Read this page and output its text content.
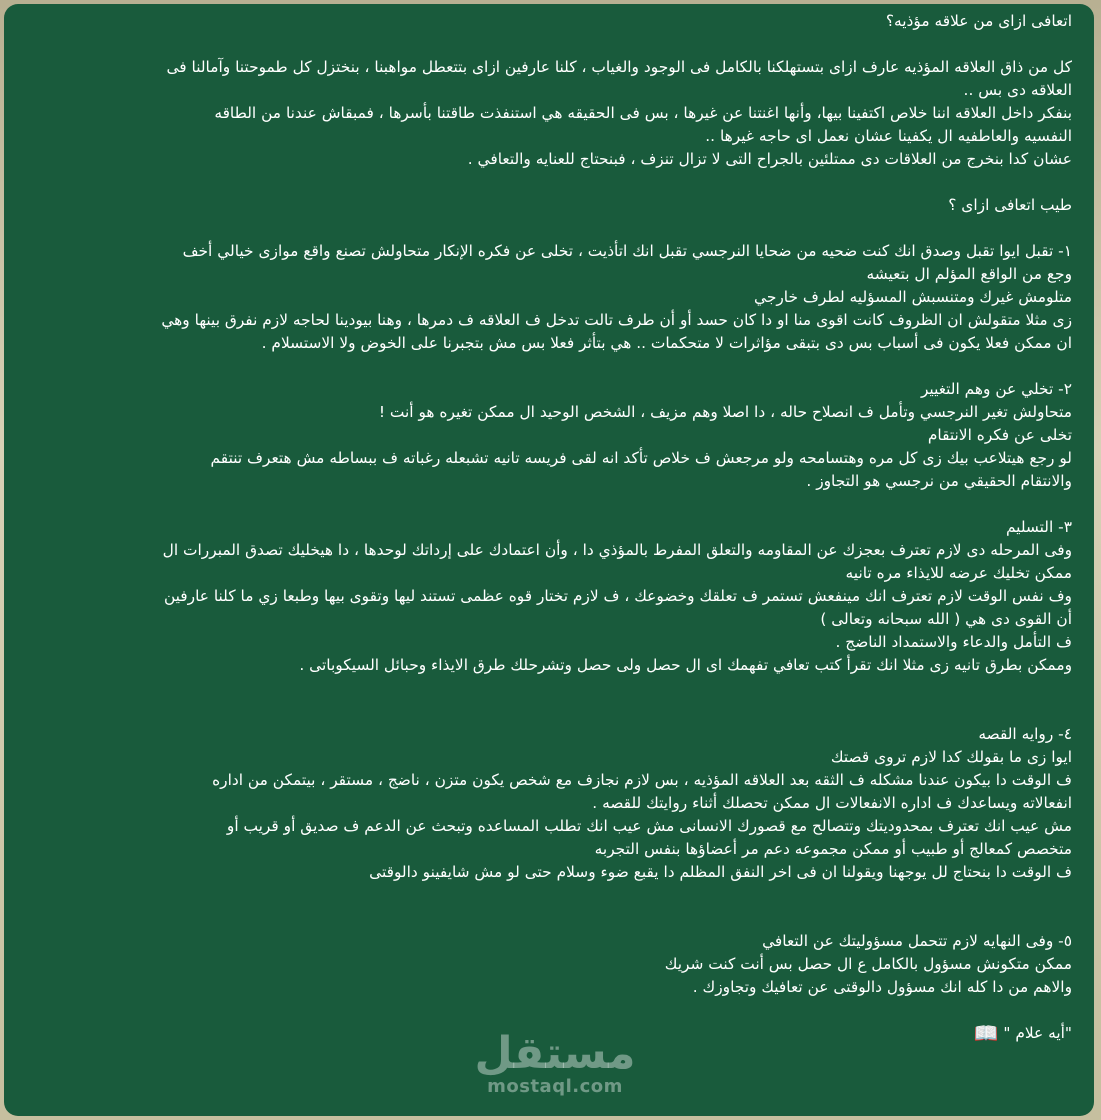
اتعافى ازاى من علاقه مؤذيه؟
كل من ذاق العلاقه المؤذيه عارف ازاى بتستهلكنا بالكامل فى الوجود والغياب ، كلنا عارفين ازاى بتتعطل مواهبنا ، بنختزل كل طموحتنا وآمالنا فى
العلاقه دى بس ..
بنفكر داخل العلاقه اننا خلاص اكتفينا بيها، وأنها اغنتنا عن غيرها ، بس فى الحقيقه هي استنفذت طاقتنا بأسرها ، فمبقاش عندنا من الطاقه
النفسيه والعاطفيه ال يكفينا عشان نعمل اى حاجه غيرها ..
عشان كدا بنخرج من العلاقات دى ممتلئين بالجراح التى لا تزال تنزف ، فبنحتاج للعنايه والتعافي .
طيب اتعافى ازاى ؟
١- تقبل ايوا تقبل وصدق انك كنت ضحيه من ضحايا النرجسي تقبل انك اتأذيت ، تخلى عن فكره الإنكار متحاولش تصنع واقع موازى خيالي أخف
وجع من الواقع المؤلم ال بتعيشه
متلومش غيرك ومتنسبش المسؤليه لطرف خارجي
زى مثلا متقولش ان الظروف كانت اقوى منا او دا كان حسد أو أن طرف تالت تدخل ف العلاقه ف دمرها ، وهنا بيودينا لحاجه لازم نفرق بينها وهي
ان ممكن فعلا يكون فى أسباب بس دى بتبقى مؤاثرات لا متحكمات .. هي بتأثر فعلا بس مش بتجبرنا على الخوض ولا الاستسلام .
٢- تخلي عن وهم التغيير
متحاولش تغير النرجسي وتأمل ف انصلاح حاله ، دا اصلا وهم مزيف ، الشخص الوحيد ال ممكن تغيره هو أنت !
تخلى عن فكره الانتقام
لو رجع هيتلاعب بيك زى كل مره وهتسامحه ولو مرجعش ف خلاص تأكد انه لقى فريسه تانيه تشبعله رغباته ف ببساطه مش هتعرف تنتقم
والانتقام الحقيقي من نرجسي هو التجاوز .
٣- التسليم
وفى المرحله دى لازم تعترف بعجزك عن المقاومه والتعلق المفرط بالمؤذي دا ، وأن اعتمادك على إرداتك لوحدها ، دا هيخليك تصدق المبررات ال
ممكن تخليك عرضه للايذاء مره تانيه
وف نفس الوقت لازم تعترف انك مينفعش تستمر ف تعلقك وخضوعك ، ف لازم تختار قوه عظمى تستند ليها وتقوى بيها وطبعا زي ما كلنا عارفين
أن القوى دى هي ( الله سبحانه وتعالى )
ف التأمل والدعاء والاستمداد الناضج .
وممكن بطرق تانيه زى مثلا انك تقرأ كتب تعافي تفهمك اى ال حصل ولى حصل وتشرحلك طرق الايذاء وحبائل السيكوباتى .
٤- روايه القصه
ايوا زى ما بقولك كدا لازم تروى قصتك
ف الوقت دا بيكون عندنا مشكله ف الثقه بعد العلاقه المؤذيه ، بس لازم نجازف مع شخص يكون متزن ، ناضج ، مستقر ، بيتمكن من اداره
انفعالاته ويساعدك ف اداره الانفعالات ال ممكن تحصلك أثناء روايتك للقصه .
مش عيب انك تعترف بمحدوديتك وتتصالح مع قصورك الانسانى مش عيب انك تطلب المساعده وتبحث عن الدعم ف صديق أو قريب أو
متخصص كمعالج أو طبيب أو ممكن مجموعه دعم مر أعضاؤها بنفس التجربه
ف الوقت دا بنحتاج لل يوجهنا ويقولنا ان فى اخر النفق المظلم دا يقبع ضوء وسلام حتى لو مش شايفينو دالوقتى
٥- وفى النهايه لازم تتحمل مسؤوليتك عن التعافي
ممكن متكونش مسؤول بالكامل ع ال حصل بس أنت كنت شريك
والاهم من دا كله انك مسؤول دالوقتى عن تعافيك وتجاوزك .
"أيه علام " 📖
مستقل
mostaql.com
